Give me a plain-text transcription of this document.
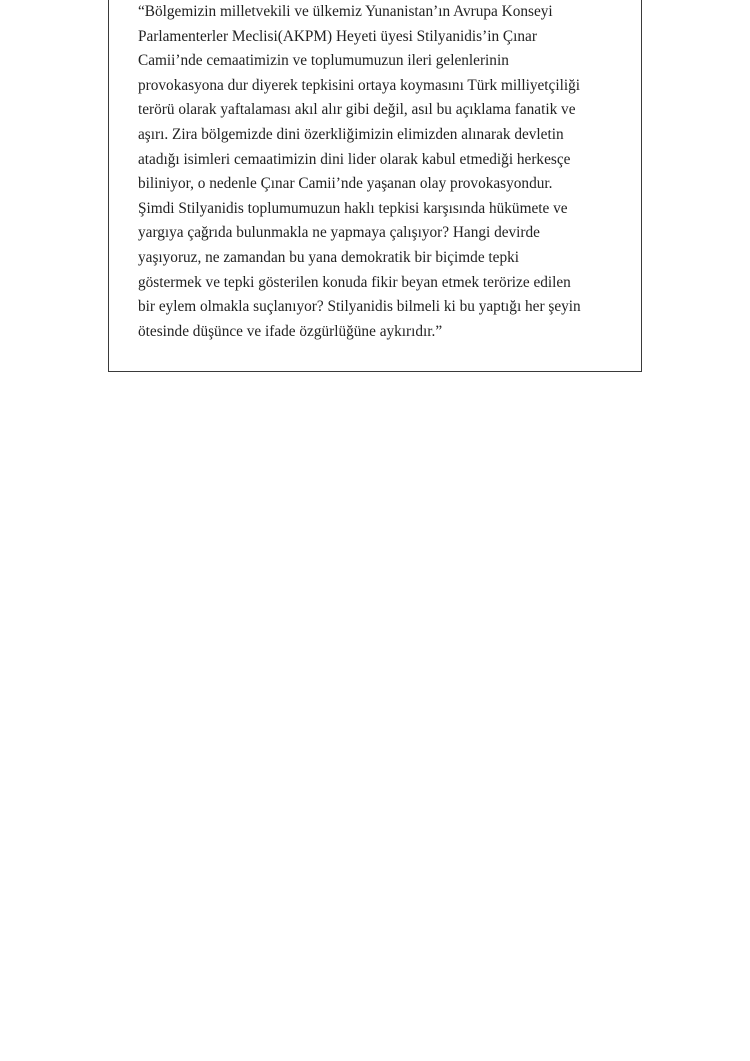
“Bölgemizin milletvekili ve ülkemiz Yunanistan’ın Avrupa Konseyi
Parlamenterler Meclisi(AKPM) Heyeti üyesi Stilyanidis’in Çınar
Camii’nde cemaatimizin ve toplumumuzun ileri gelenlerinin
provokasyona dur diyerek tepkisini ortaya koymasını Türk milliyetçiliği
terörü olarak yaftalaması akıl alır gibi değil, asıl bu açıklama fanatik ve
aşırı. Zira bölgemizde dini özerkliğimizin elimizden alınarak devletin
atadığı isimleri cemaatimizin dini lider olarak kabul etmediği herkesçe
biliniyor, o nedenle Çınar Camii’nde yaşanan olay provokasyondur.
Şimdi Stilyanidis toplumumuzun haklı tepkisi karşısında hükümete ve
yargıya çağrıda bulunmakla ne yapmaya çalışıyor? Hangi devirde
yaşıyoruz, ne zamandan bu yana demokratik bir biçimde tepki
göstermek ve tepki gösterilen konuda fikir beyan etmek terörize edilen
bir eylem olmakla suçlanıyor? Stilyanidis bilmeli ki bu yaptığı her şeyin
ötesinde düşünce ve ifade özgürlüğüne aykırıdır.”
